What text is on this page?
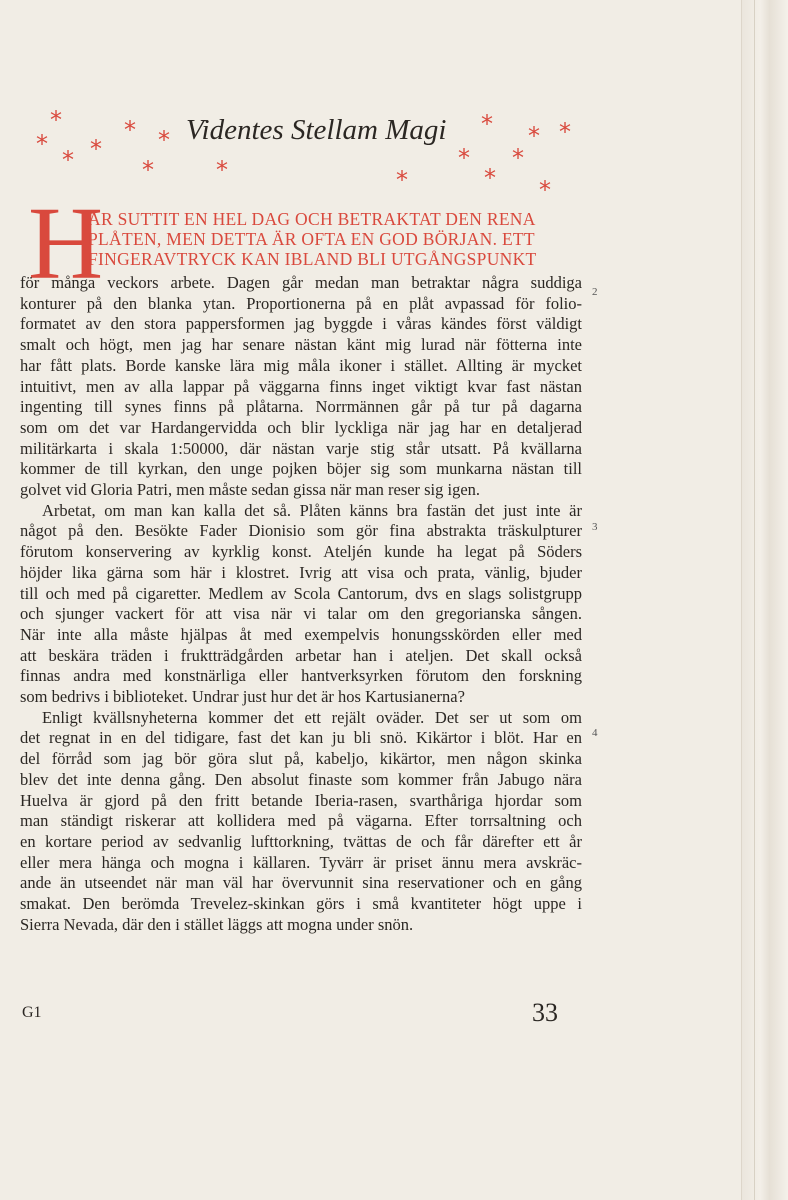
*	*
* * *
*	*	*
* * *
* *
*	* *
Videntes Stellam Magi
H
AR SUTTIT EN HEL DAG OCH BETRAKTAT DEN RENA
PLÅTEN, MEN DETTA ÄR OFTA EN GOD BÖRJAN. ETT
FINGERAVTRYCK KAN IBLAND BLI UTGÅNGSPUNKT
för många veckors arbete. Dagen går medan man betraktar några suddiga
konturer på den blanka ytan. Proportionerna på en plåt avpassad för folio-
formatet av den stora pappersformen jag byggde i våras kändes först väldigt
smalt och högt, men jag har senare nästan känt mig lurad när fötterna inte
har fått plats. Borde kanske lära mig måla ikoner i stället. Allting är mycket
intuitivt, men av alla lappar på väggarna finns inget viktigt kvar fast nästan
ingenting till synes finns på plåtarna. Norrmännen går på tur på dagarna
som om det var Hardangervidda och blir lyckliga när jag har en detaljerad
militärkarta i skala 1:50000, där nästan varje stig står utsatt. På kvällarna
kommer de till kyrkan, den unge pojken böjer sig som munkarna nästan till
golvet vid Gloria Patri, men måste sedan gissa när man reser sig igen.
Arbetat, om man kan kalla det så. Plåten känns bra fastän det just inte är
något på den. Besökte Fader Dionisio som gör fina abstrakta träskulpturer
förutom konservering av kyrklig konst. Ateljén kunde ha legat på Söders
höjder lika gärna som här i klostret. Ivrig att visa och prata, vänlig, bjuder
till och med på cigaretter. Medlem av Scola Cantorum, dvs en slags solistgrupp
och sjunger vackert för att visa när vi talar om den gregorianska sången.
När inte alla måste hjälpas åt med exempelvis honungsskörden eller med
att beskära träden i fruktträdgården arbetar han i ateljen. Det skall också
finnas andra med konstnärliga eller hantverksyrken förutom den forskning
som bedrivs i biblioteket. Undrar just hur det är hos Kartusianerna?
Enligt kvällsnyheterna kommer det ett rejält oväder. Det ser ut som om
det regnat in en del tidigare, fast det kan ju bli snö. Kikärtor i blöt. Har en
del förråd som jag bör göra slut på, kabeljo, kikärtor, men någon skinka
blev det inte denna gång. Den absolut finaste som kommer från Jabugo nära
Huelva är gjord på den fritt betande Iberia-rasen, svarthåriga hjordar som
man ständigt riskerar att kollidera med på vägarna. Efter torrsaltning och
en kortare period av sedvanlig lufttorkning, tvättas de och får därefter ett år
eller mera hänga och mogna i källaren. Tyvärr är priset ännu mera avskräc-
ande än utseendet när man väl har övervunnit sina reservationer och en gång
smakat. Den berömda Trevelez-skinkan görs i små kvantiteter högt uppe i
Sierra Nevada, där den i stället läggs att mogna under snön.
2
3
4
G1	33
